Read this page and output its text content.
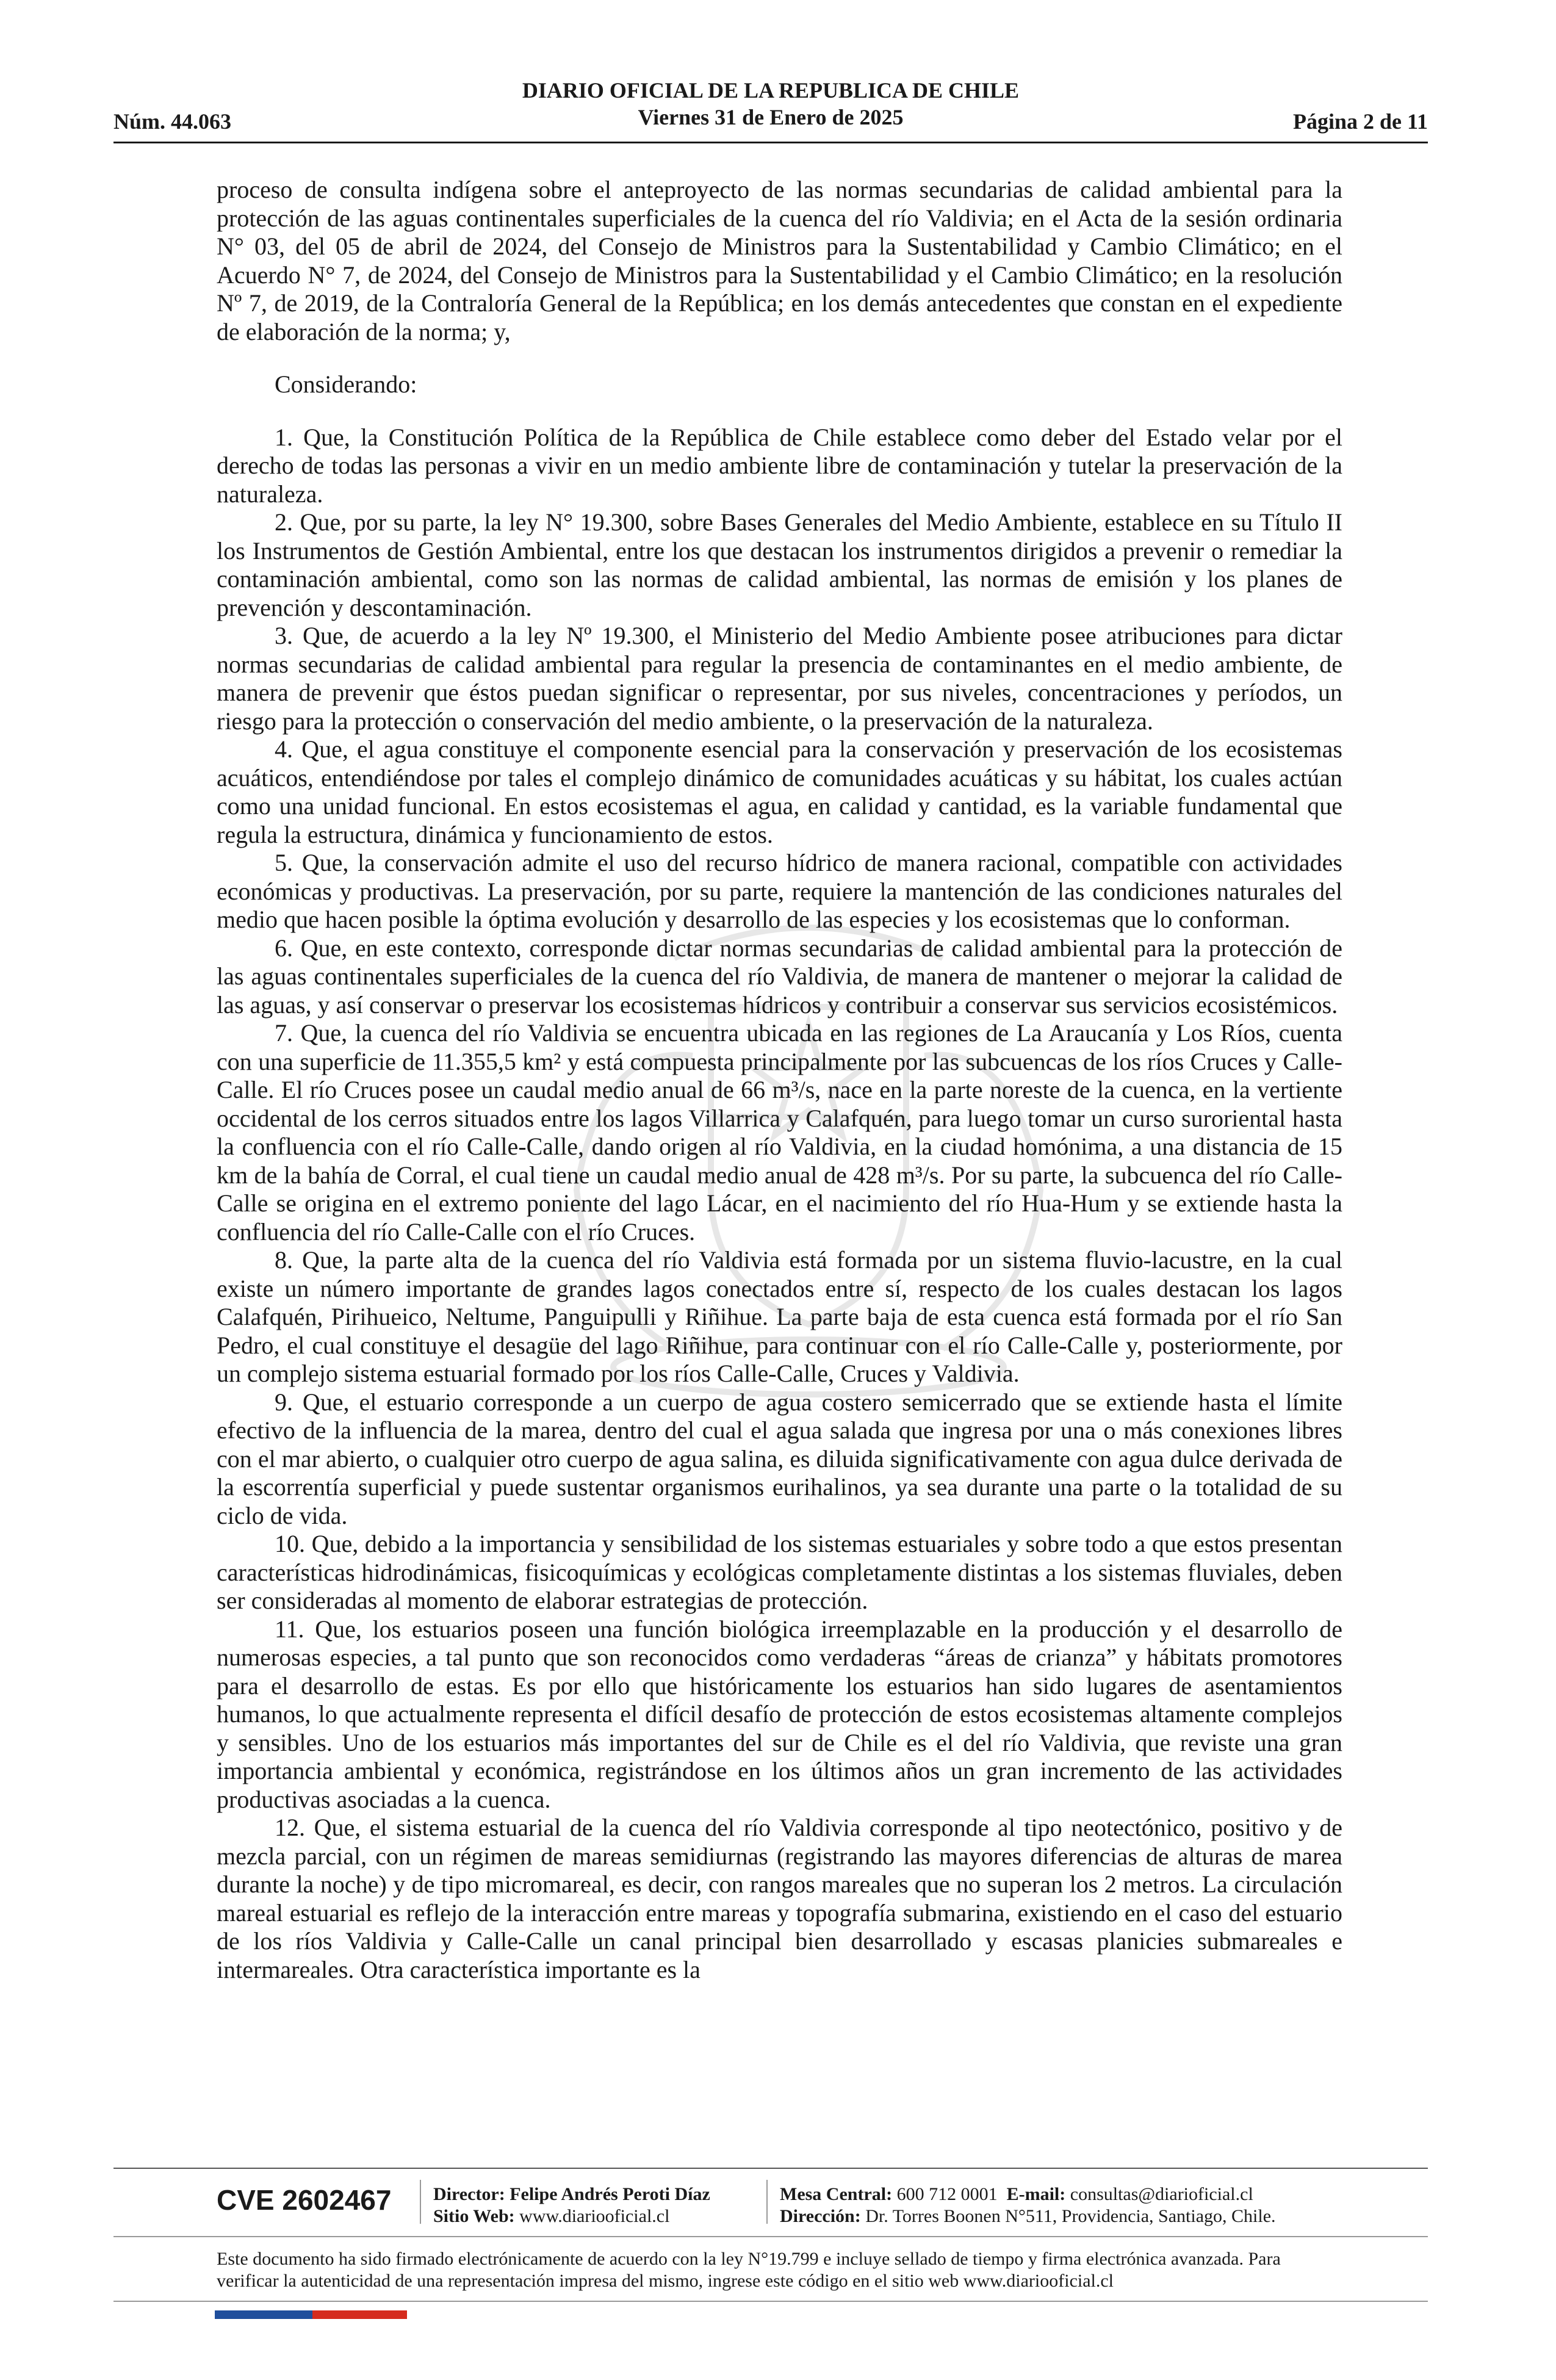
Núm. 44.063
DIARIO OFICIAL DE LA REPUBLICA DE CHILE
Viernes 31 de Enero de 2025	Página 2 de 11

proceso de consulta indígena sobre el anteproyecto de las normas secundarias de calidad ambiental para la protección de las aguas continentales superficiales de la cuenca del río Valdivia; en el Acta de la sesión ordinaria N° 03, del 05 de abril de 2024, del Consejo de Ministros para la Sustentabilidad y Cambio Climático; en el Acuerdo N° 7, de 2024, del Consejo de Ministros para la Sustentabilidad y el Cambio Climático; en la resolución Nº 7, de 2019, de la Contraloría General de la República; en los demás antecedentes que constan en el expediente de elaboración de la norma; y,

Considerando:

1. Que, la Constitución Política de la República de Chile establece como deber del Estado velar por el derecho de todas las personas a vivir en un medio ambiente libre de contaminación y tutelar la preservación de la naturaleza.

2. Que, por su parte, la ley N° 19.300, sobre Bases Generales del Medio Ambiente, establece en su Título II los Instrumentos de Gestión Ambiental, entre los que destacan los instrumentos dirigidos a prevenir o remediar la contaminación ambiental, como son las normas de calidad ambiental, las normas de emisión y los planes de prevención y descontaminación.

3. Que, de acuerdo a la ley Nº 19.300, el Ministerio del Medio Ambiente posee atribuciones para dictar normas secundarias de calidad ambiental para regular la presencia de contaminantes en el medio ambiente, de manera de prevenir que éstos puedan significar o representar, por sus niveles, concentraciones y períodos, un riesgo para la protección o conservación del medio ambiente, o la preservación de la naturaleza.

4. Que, el agua constituye el componente esencial para la conservación y preservación de los ecosistemas acuáticos, entendiéndose por tales el complejo dinámico de comunidades acuáticas y su hábitat, los cuales actúan como una unidad funcional. En estos ecosistemas el agua, en calidad y cantidad, es la variable fundamental que regula la estructura, dinámica y funcionamiento de estos.

5. Que, la conservación admite el uso del recurso hídrico de manera racional, compatible con actividades económicas y productivas. La preservación, por su parte, requiere la mantención de las condiciones naturales del medio que hacen posible la óptima evolución y desarrollo de las especies y los ecosistemas que lo conforman.

6. Que, en este contexto, corresponde dictar normas secundarias de calidad ambiental para la protección de las aguas continentales superficiales de la cuenca del río Valdivia, de manera de mantener o mejorar la calidad de las aguas, y así conservar o preservar los ecosistemas hídricos y contribuir a conservar sus servicios ecosistémicos.

7. Que, la cuenca del río Valdivia se encuentra ubicada en las regiones de La Araucanía y Los Ríos, cuenta con una superficie de 11.355,5 km² y está compuesta principalmente por las subcuencas de los ríos Cruces y Calle-Calle. El río Cruces posee un caudal medio anual de 66 m³/s, nace en la parte noreste de la cuenca, en la vertiente occidental de los cerros situados entre los lagos Villarrica y Calafquén, para luego tomar un curso suroriental hasta la confluencia con el río Calle-Calle, dando origen al río Valdivia, en la ciudad homónima, a una distancia de 15 km de la bahía de Corral, el cual tiene un caudal medio anual de 428 m³/s. Por su parte, la subcuenca del río Calle-Calle se origina en el extremo poniente del lago Lácar, en el nacimiento del río Hua-Hum y se extiende hasta la confluencia del río Calle-Calle con el río Cruces.

8. Que, la parte alta de la cuenca del río Valdivia está formada por un sistema fluvio-lacustre, en la cual existe un número importante de grandes lagos conectados entre sí, respecto de los cuales destacan los lagos Calafquén, Pirihueico, Neltume, Panguipulli y Riñihue. La parte baja de esta cuenca está formada por el río San Pedro, el cual constituye el desagüe del lago Riñihue, para continuar con el río Calle-Calle y, posteriormente, por un complejo sistema estuarial formado por los ríos Calle-Calle, Cruces y Valdivia.

9. Que, el estuario corresponde a un cuerpo de agua costero semicerrado que se extiende hasta el límite efectivo de la influencia de la marea, dentro del cual el agua salada que ingresa por una o más conexiones libres con el mar abierto, o cualquier otro cuerpo de agua salina, es diluida significativamente con agua dulce derivada de la escorrentía superficial y puede sustentar organismos eurihalinos, ya sea durante una parte o la totalidad de su ciclo de vida.

10. Que, debido a la importancia y sensibilidad de los sistemas estuariales y sobre todo a que estos presentan características hidrodinámicas, fisicoquímicas y ecológicas completamente distintas a los sistemas fluviales, deben ser consideradas al momento de elaborar estrategias de protección.

11. Que, los estuarios poseen una función biológica irreemplazable en la producción y el desarrollo de numerosas especies, a tal punto que son reconocidos como verdaderas “áreas de crianza” y hábitats promotores para el desarrollo de estas. Es por ello que históricamente los estuarios han sido lugares de asentamientos humanos, lo que actualmente representa el difícil desafío de protección de estos ecosistemas altamente complejos y sensibles. Uno de los estuarios más importantes del sur de Chile es el del río Valdivia, que reviste una gran importancia ambiental y económica, registrándose en los últimos años un gran incremento de las actividades productivas asociadas a la cuenca.

12. Que, el sistema estuarial de la cuenca del río Valdivia corresponde al tipo neotectónico, positivo y de mezcla parcial, con un régimen de mareas semidiurnas (registrando las mayores diferencias de alturas de marea durante la noche) y de tipo micromareal, es decir, con rangos mareales que no superan los 2 metros. La circulación mareal estuarial es reflejo de la interacción entre mareas y topografía submarina, existiendo en el caso del estuario de los ríos Valdivia y Calle-Calle un canal principal bien desarrollado y escasas planicies submareales e intermareales. Otra característica importante es la

CVE 2602467 Director: Felipe Andrés Peroti Díaz
Sitio Web: www.diariooficial.cl
Mesa Central: 600 712 0001 E-mail: consultas@diarioficial.cl
Dirección: Dr. Torres Boonen N°511, Providencia, Santiago, Chile.
Este documento ha sido firmado electrónicamente de acuerdo con la ley N°19.799 e incluye sellado de tiempo y firma electrónica avanzada. Para verificar la autenticidad de una representación impresa del mismo, ingrese este código en el sitio web www.diariooficial.cl
